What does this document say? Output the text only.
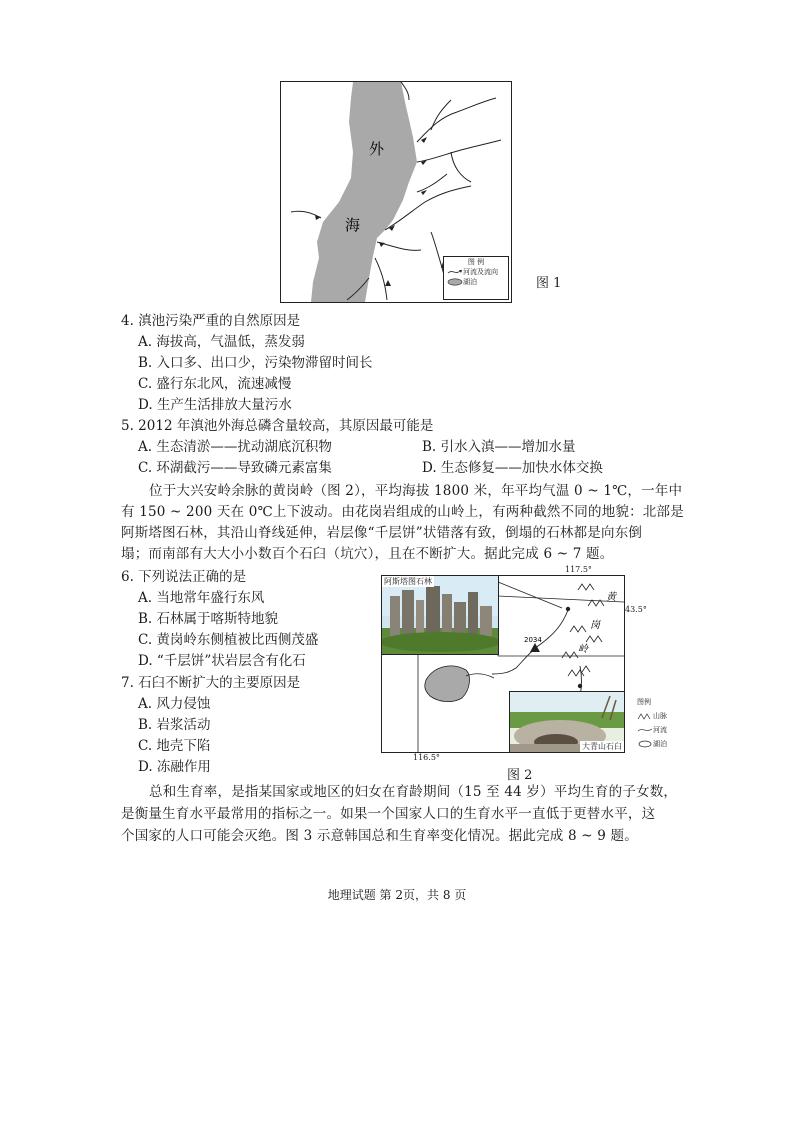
外
海
图 例
河流及流向
湖泊	图 1
4. 滇池污染严重的自然原因是
A. 海拔高，气温低，蒸发弱
B. 入口多、出口少，污染物滞留时间长
C. 盛行东北风，流速减慢
D. 生产生活排放大量污水
5. 2012 年滇池外海总磷含量较高，其原因最可能是
A. 生态清淤——扰动湖底沉积物	B. 引水入滇——增加水量
C. 环湖截污——导致磷元素富集	D. 生态修复——加快水体交换
位于大兴安岭余脉的黄岗岭（图 2），平均海拔 1800 米，年平均气温 0 ~ 1℃，一年中
有 150 ~ 200 天在 0℃上下波动。由花岗岩组成的山岭上，有两种截然不同的地貌：北部是
阿斯塔图石林，其沿山脊线延伸，岩层像“千层饼”状错落有致，倒塌的石林都是向东倒
塌；而南部有大大小小数百个石臼（坑穴），且在不断扩大。据此完成 6 ~ 7 题。
6. 下列说法正确的是
A. 当地常年盛行东风
B. 石林属于喀斯特地貌
C. 黄岗岭东侧植被比西侧茂盛
D. “千层饼”状岩层含有化石
7. 石臼不断扩大的主要原因是
A. 风力侵蚀
B. 岩浆活动
C. 地壳下陷
D. 冻融作用
117.5°
43.5°
116.5°
2034
黄
岗
岭
阿斯塔图石林
大青山石臼
图例
山脉
河流
湖泊
图 2
总和生育率，是指某国家或地区的妇女在育龄期间（15 至 44 岁）平均生育的子女数，
是衡量生育水平最常用的指标之一。如果一个国家人口的生育水平一直低于更替水平，这
个国家的人口可能会灭绝。图 3 示意韩国总和生育率变化情况。据此完成 8 ~ 9 题。
地理试题 第 2页，共 8 页
